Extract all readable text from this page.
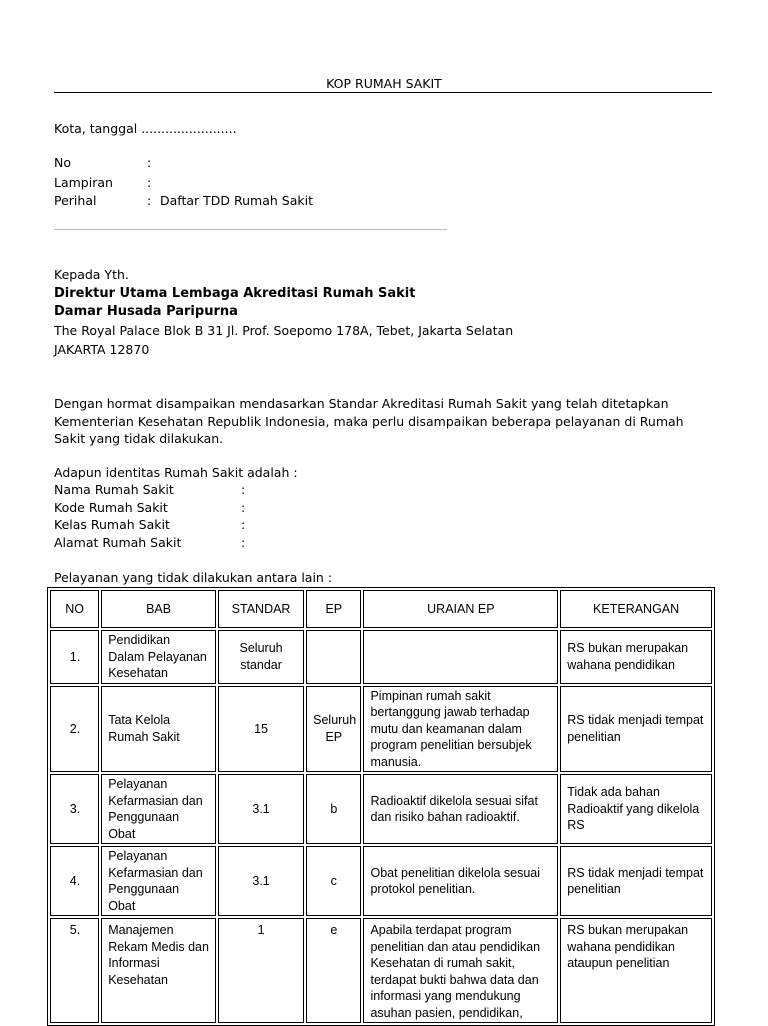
KOP RUMAH SAKIT
Kota, tanggal ........................
No	:
Lampiran	:
Perihal	: Daftar TDD Rumah Sakit
Kepada Yth.
Direktur Utama Lembaga Akreditasi Rumah Sakit
Damar Husada Paripurna
The Royal Palace Blok B 31 Jl. Prof. Soepomo 178A, Tebet, Jakarta Selatan
JAKARTA 12870
Dengan hormat disampaikan mendasarkan Standar Akreditasi Rumah Sakit yang telah ditetapkan Kementerian Kesehatan Republik Indonesia, maka perlu disampaikan beberapa pelayanan di Rumah Sakit yang tidak dilakukan.
Adapun identitas Rumah Sakit adalah :
Nama Rumah Sakit	:
Kode Rumah Sakit	:
Kelas Rumah Sakit	:
Alamat Rumah Sakit	:
Pelayanan yang tidak dilakukan antara lain :
NO	BAB	STANDAR	EP	URAIAN EP	KETERANGAN
1.	Pendidikan Dalam Pelayanan Kesehatan	Seluruh standar			RS bukan merupakan wahana pendidikan
2.	Tata Kelola Rumah Sakit	15	Seluruh EP	Pimpinan rumah sakit bertanggung jawab terhadap mutu dan keamanan dalam program penelitian bersubjek manusia.	RS tidak menjadi tempat penelitian
3.	Pelayanan Kefarmasian dan Penggunaan Obat	3.1	b	Radioaktif dikelola sesuai sifat dan risiko bahan radioaktif.	Tidak ada bahan Radioaktif yang dikelola RS
4.	Pelayanan Kefarmasian dan Penggunaan Obat	3.1	c	Obat penelitian dikelola sesuai protokol penelitian.	RS tidak menjadi tempat penelitian
5.	Manajemen Rekam Medis dan Informasi Kesehatan	1	e	Apabila terdapat program penelitian dan atau pendidikan Kesehatan di rumah sakit, terdapat bukti bahwa data dan informasi yang mendukung asuhan pasien, pendidikan,	RS bukan merupakan wahana pendidikan ataupun penelitian
